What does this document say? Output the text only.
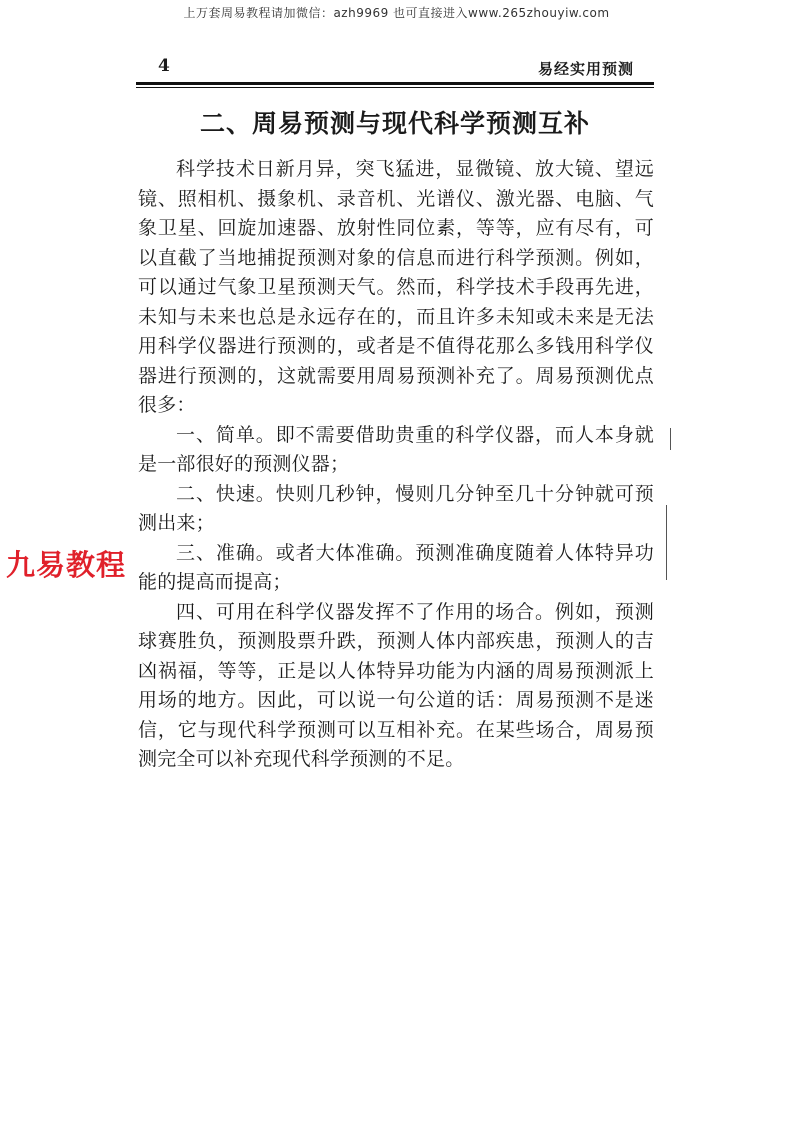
上万套周易教程请加微信：azh9969 也可直接进入www.265zhouyiw.com
4	易经实用预测
二、周易预测与现代科学预测互补

科学技术日新月异，突飞猛进，显微镜、放大镜、望远镜、照相机、摄象机、录音机、光谱仪、激光器、电脑、气象卫星、回旋加速器、放射性同位素，等等，应有尽有，可以直截了当地捕捉预测对象的信息而进行科学预测。例如，可以通过气象卫星预测天气。然而，科学技术手段再先进，未知与未来也总是永远存在的，而且许多未知或未来是无法用科学仪器进行预测的，或者是不值得花那么多钱用科学仪器进行预测的，这就需要用周易预测补充了。周易预测优点很多：

一、简单。即不需要借助贵重的科学仪器，而人本身就是一部很好的预测仪器；

二、快速。快则几秒钟，慢则几分钟至几十分钟就可预测出来；

三、准确。或者大体准确。预测准确度随着人体特异功能的提高而提高；

四、可用在科学仪器发挥不了作用的场合。例如，预测球赛胜负，预测股票升跌，预测人体内部疾患，预测人的吉凶祸福，等等，正是以人体特异功能为内涵的周易预测派上用场的地方。因此，可以说一句公道的话：周易预测不是迷信，它与现代科学预测可以互相补充。在某些场合，周易预测完全可以补充现代科学预测的不足。

九易教程
